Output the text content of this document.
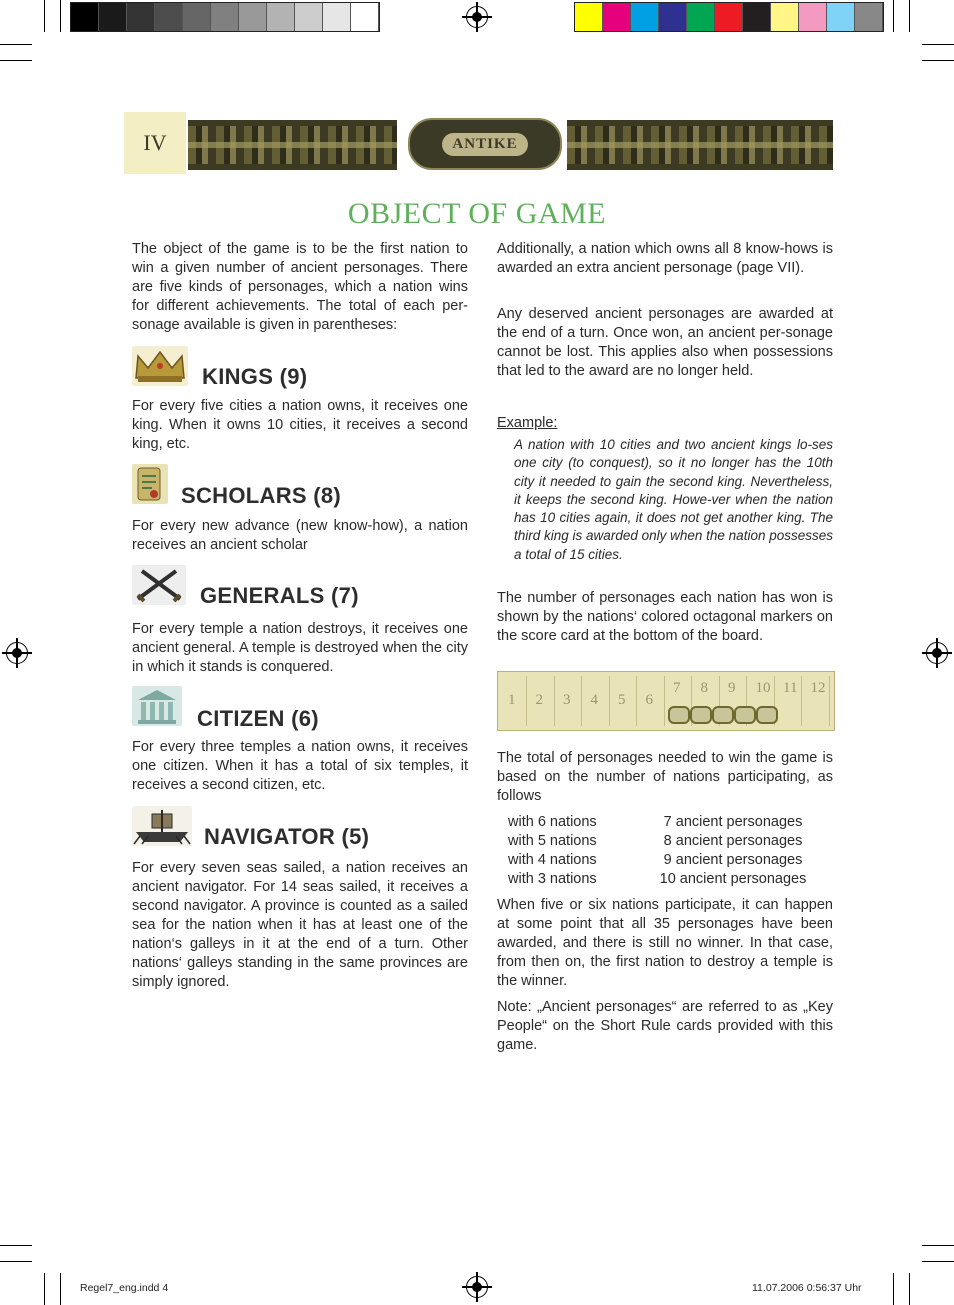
IV	ANTIKE
OBJECT OF GAME

The object of the game is to be the first nation to win a given number of ancient personages. There are five kinds of personages, which a nation wins for different achievements. The total of each per-sonage available is given in parentheses:

KINGS (9)

For every five cities a nation owns, it receives one king. When it owns 10 cities, it receives a second king, etc.

SCHOLARS (8)

For every new advance (new know-how), a nation receives an ancient scholar

GENERALS (7)

For every temple a nation destroys, it receives one ancient general. A temple is destroyed when the city in which it stands is conquered.

CITIZEN (6)

For every three temples a nation owns, it receives one citizen. When it has a total of six temples, it receives a second citizen, etc.

NAVIGATOR (5)

For every seven seas sailed, a nation receives an ancient navigator. For 14 seas sailed, it receives a second navigator. A province is counted as a sailed sea for the nation when it has at least one of the nation‘s galleys in it at the end of a turn. Other nations‘ galleys standing in the same provinces are simply ignored.

Additionally, a nation which owns all 8 know-hows is awarded an extra ancient personage (page VII).

Any deserved ancient personages are awarded at the end of a turn. Once won, an ancient per-sonage cannot be lost. This applies also when possessions that led to the award are no longer held.

Example:
A nation with 10 cities and two ancient kings lo-ses one city (to conquest), so it no longer has the 10th city it needed to gain the second king. Nevertheless, it keeps the second king. Howe-ver when the nation has 10 cities again, it does not get another king. The third king is awarded only when the nation possesses a total of 15 cities.

The number of personages each nation has won is shown by the nations‘ colored octagonal markers on the score card at the bottom of the board.

1 2 3 4 5 6
7 8 9 10 11 12

The total of personages needed to win the game is based on the number of nations participating, as follows

with 6 nations	7 ancient personages
with 5 nations	8 ancient personages
with 4 nations	9 ancient personages
with 3 nations	10 ancient personages

When five or six nations participate, it can happen at some point that all 35 personages have been awarded, and there is still no winner. In that case, from then on, the first nation to destroy a temple is the winner.

Note: „Ancient personages“ are referred to as „Key People“ on the Short Rule cards provided with this game.

Regel7_eng.indd 4	11.07.2006 0:56:37 Uhr
